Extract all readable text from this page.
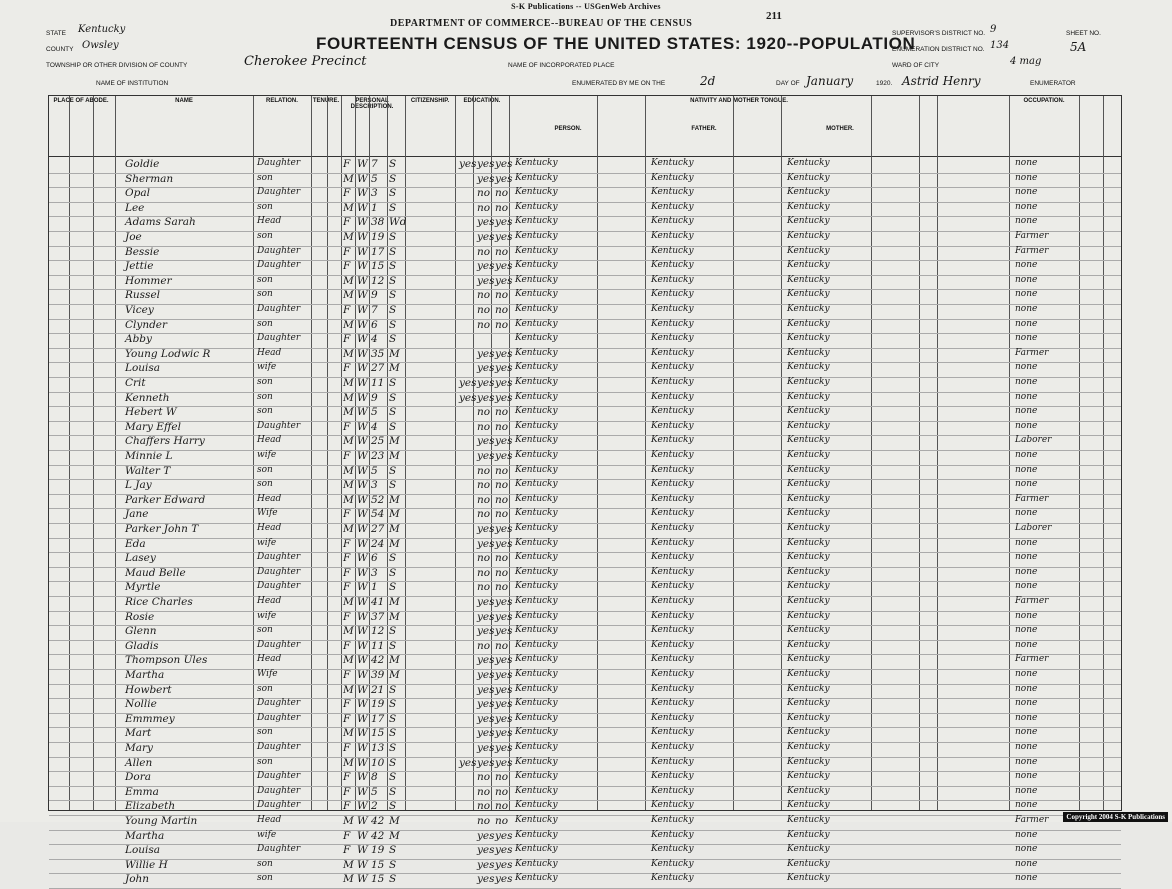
S-K Publications -- USGenWeb Archives
211
DEPARTMENT OF COMMERCE--BUREAU OF THE CENSUS
FOURTEENTH CENSUS OF THE UNITED STATES: 1920--POPULATION
STATE Kentucky
COUNTY Owsley
TOWNSHIP OR OTHER DIVISION OF COUNTY	Cherokee Precinct
NAME OF INSTITUTION
NAME OF INCORPORATED PLACE
ENUMERATED BY ME ON THE	2d	DAY OF January	1920. Astrid Henry	ENUMERATOR
SUPERVISOR'S DISTRICT NO. 9
ENUMERATION DISTRICT NO. 134
WARD OF CITY	4 mag
SHEET NO.
5A
PLACE OF ABODE.	NAME	RELATION.	TENURE.	PERSONAL DESCRIPTION.
CITIZENSHIP.	EDUCATION.	NATIVITY AND MOTHER TONGUE.
PERSON.	FATHER.	MOTHER.
OCCUPATION.
Goldie	Daughter	F W 7 S	yes yes yes Kentucky	Kentucky	Kentucky	none
Sherman	son	M W 5 S	yes yes Kentucky	Kentucky	Kentucky	none
Opal	Daughter	F W 3 S	no no Kentucky	Kentucky	Kentucky	none
Lee	son	M W 1 S	no no Kentucky	Kentucky	Kentucky	none
Adams Sarah	Head	F W 38 Wd	yes yes Kentucky	Kentucky	Kentucky	none
Joe	son	M W 19 S	yes yes Kentucky	Kentucky	Kentucky	Farmer
Bessie	Daughter	F W 17 S	no no Kentucky	Kentucky	Kentucky	Farmer
Jettie	Daughter	F W 15 S	yes yes Kentucky	Kentucky	Kentucky	none
Hommer	son	M W 12 S	yes yes Kentucky	Kentucky	Kentucky	none
Russel	son	M W 9 S	no no Kentucky	Kentucky	Kentucky	none
Vicey	Daughter	F W 7 S	no no Kentucky	Kentucky	Kentucky	none
Clynder	son	M W 6 S	no no Kentucky	Kentucky	Kentucky	none
Abby	Daughter	F W 4 S	Kentucky	Kentucky	Kentucky	none
Young Lodwic R	Head	M W 35 M	yes yes Kentucky	Kentucky	Kentucky	Farmer
Louisa	wife	F W 27 M	yes yes Kentucky	Kentucky	Kentucky	none
Crit	son	M W 11 S	yes yes yes Kentucky	Kentucky	Kentucky	none
Kenneth	son	M W 9 S	yes yes yes Kentucky	Kentucky	Kentucky	none
Hebert W	son	M W 5 S	no no Kentucky	Kentucky	Kentucky	none
Mary Effel	Daughter	F W 4 S	no no Kentucky	Kentucky	Kentucky	none
Chaffers Harry	Head	M W 25 M	yes yes Kentucky	Kentucky	Kentucky	Laborer
Minnie L	wife	F W 23 M	yes yes Kentucky	Kentucky	Kentucky	none
Walter T	son	M W 5 S	no no Kentucky	Kentucky	Kentucky	none
L Jay	son	M W 3 S	no no Kentucky	Kentucky	Kentucky	none
Parker Edward	Head	M W 52 M	no no Kentucky	Kentucky	Kentucky	Farmer
Jane	Wife	F W 54 M	no no Kentucky	Kentucky	Kentucky	none
Parker John T	Head	M W 27 M	yes yes Kentucky	Kentucky	Kentucky	Laborer
Eda	wife	F W 24 M	yes yes Kentucky	Kentucky	Kentucky	none
Lasey	Daughter	F W 6 S	no no Kentucky	Kentucky	Kentucky	none
Maud Belle	Daughter	F W 3 S	no no Kentucky	Kentucky	Kentucky	none
Myrtle	Daughter	F W 1 S	no no Kentucky	Kentucky	Kentucky	none
Rice Charles	Head	M W 41 M	yes yes Kentucky	Kentucky	Kentucky	Farmer
Rosie	wife	F W 37 M	yes yes Kentucky	Kentucky	Kentucky	none
Glenn	son	M W 12 S	yes yes Kentucky	Kentucky	Kentucky	none
Gladis	Daughter	F W 11 S	no no Kentucky	Kentucky	Kentucky	none
Thompson Ules	Head	M W 42 M	yes yes Kentucky	Kentucky	Kentucky	Farmer
Martha	Wife	F W 39 M	yes yes Kentucky	Kentucky	Kentucky	none
Howbert	son	M W 21 S	yes yes Kentucky	Kentucky	Kentucky	none
Nollie	Daughter	F W 19 S	yes yes Kentucky	Kentucky	Kentucky	none
Emmmey	Daughter	F W 17 S	yes yes Kentucky	Kentucky	Kentucky	none
Mart	son	M W 15 S	yes yes Kentucky	Kentucky	Kentucky	none
Mary	Daughter	F W 13 S	yes yes Kentucky	Kentucky	Kentucky	none
Allen	son	M W 10 S	yes yes yes Kentucky	Kentucky	Kentucky	none
Dora	Daughter	F W 8 S	no no Kentucky	Kentucky	Kentucky	none
Emma	Daughter	F W 5 S	no no Kentucky	Kentucky	Kentucky	none
Elizabeth	Daughter	F W 2 S	no no Kentucky	Kentucky	Kentucky	none
Young Martin	Head	M W 42 M	no no Kentucky	Kentucky	Kentucky	Farmer
Martha	wife	F W 42 M	yes yes Kentucky	Kentucky	Kentucky	none
Louisa	Daughter	F W 19 S	yes yes Kentucky	Kentucky	Kentucky	none
Willie H	son	M W 15 S	yes yes Kentucky	Kentucky	Kentucky	none
John	son	M W 15 S	yes yes Kentucky	Kentucky	Kentucky	none
Copyright 2004 S-K Publications
